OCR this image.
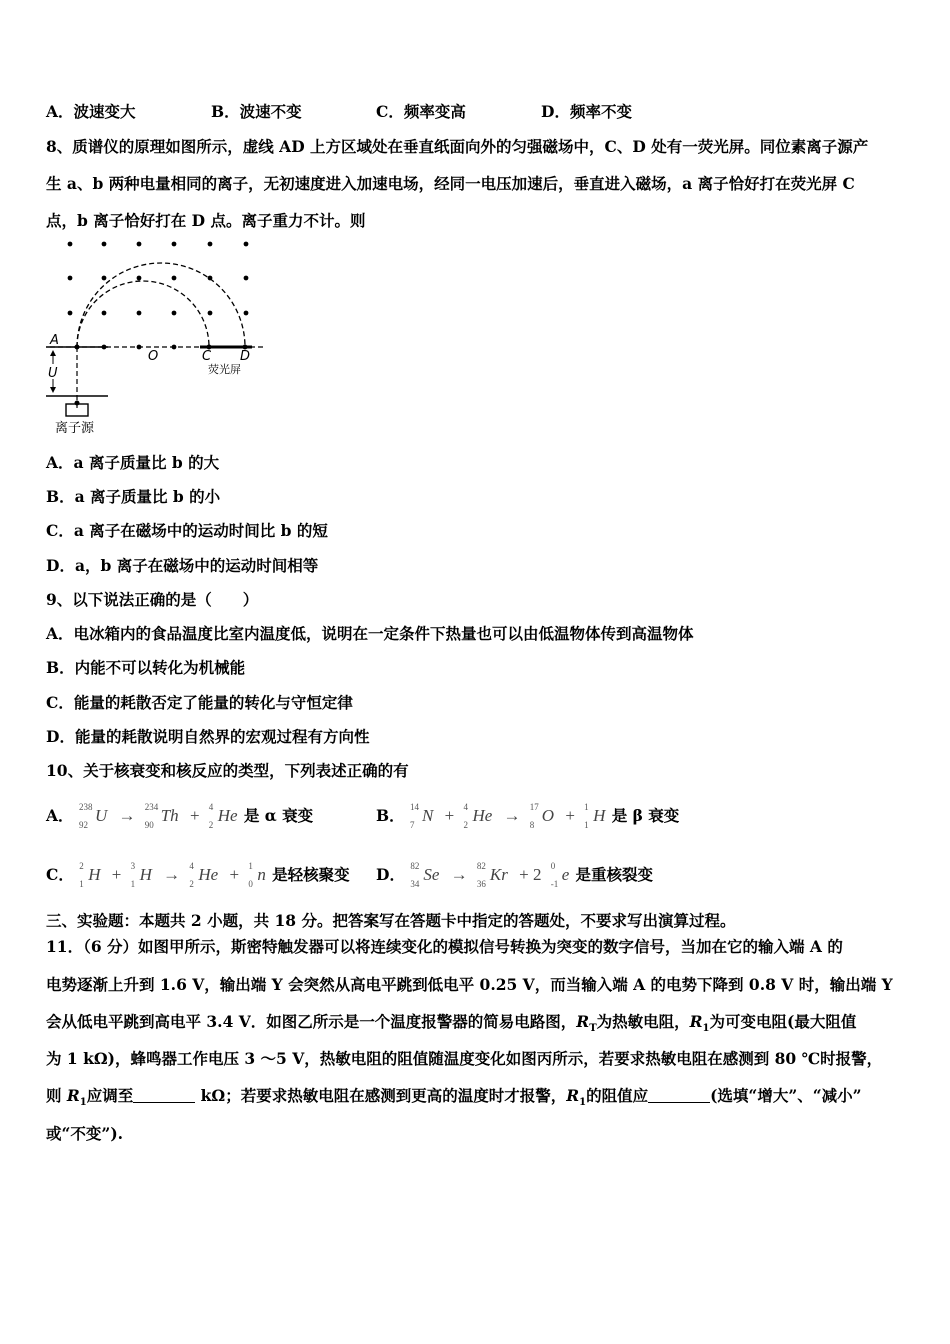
A．波速变大	B．波速不变	C．频率变高	D．频率不变
8、质谱仪的原理如图所示，虚线 AD 上方区域处在垂直纸面向外的匀强磁场中，C、D 处有一荧光屏。同位素离子源产
生 a、b 两种电量相同的离子，无初速度进入加速电场，经同一电压加速后，垂直进入磁场，a 离子恰好打在荧光屏 C
点，b 离子恰好打在 D 点。离子重力不计。则
A
U
O	C D
荧光屏
离子源
A．a 离子质量比 b 的大
B．a 离子质量比 b 的小
C．a 离子在磁场中的运动时间比 b 的短
D．a，b 离子在磁场中的运动时间相等
9、以下说法正确的是（　　）
A．电冰箱内的食品温度比室内温度低，说明在一定条件下热量也可以由低温物体传到高温物体
B．内能不可以转化为机械能
C．能量的耗散否定了能量的转化与守恒定律
D．能量的耗散说明自然界的宏观过程有方向性
10、关于核衰变和核反应的类型，下列表述正确的有
A． 238
92 U → 234
90 Th + 4
2 He 是 α 衰变	B． 14
7 N + 4
2 He → 17
8 O + 1
1 H 是 β 衰变
C． 2
1 H + 3
1 H → 4
2 He + 1
0 n 是轻核聚变 D． 82
34 Se → 82
36 Kr + 2 0
-1 e 是重核裂变
三、实验题：本题共 2 小题，共 18 分。把答案写在答题卡中指定的答题处，不要求写出演算过程。
11．（6 分）如图甲所示，斯密特触发器可以将连续变化的模拟信号转换为突变的数字信号，当加在它的输入端 A 的
电势逐渐上升到 1.6 V，输出端 Y 会突然从高电平跳到低电平 0.25 V，而当输入端 A 的电势下降到 0.8 V 时，输出端 Y
会从低电平跳到高电平 3.4 V．如图乙所示是一个温度报警器的简易电路图，$R_T$为热敏电阻，$R_1$为可变电阻(最大阻值
为 1 kΩ)，蜂鸣器工作电压 3 ～5 V，热敏电阻的阻值随温度变化如图丙所示，若要求热敏电阻在感测到 80 ℃时报警，
则 $R_1$应调至	kΩ；若要求热敏电阻在感测到更高的温度时才报警，$R_1$的阻值应	(选填“增大”、“减小”
或“不变”).
